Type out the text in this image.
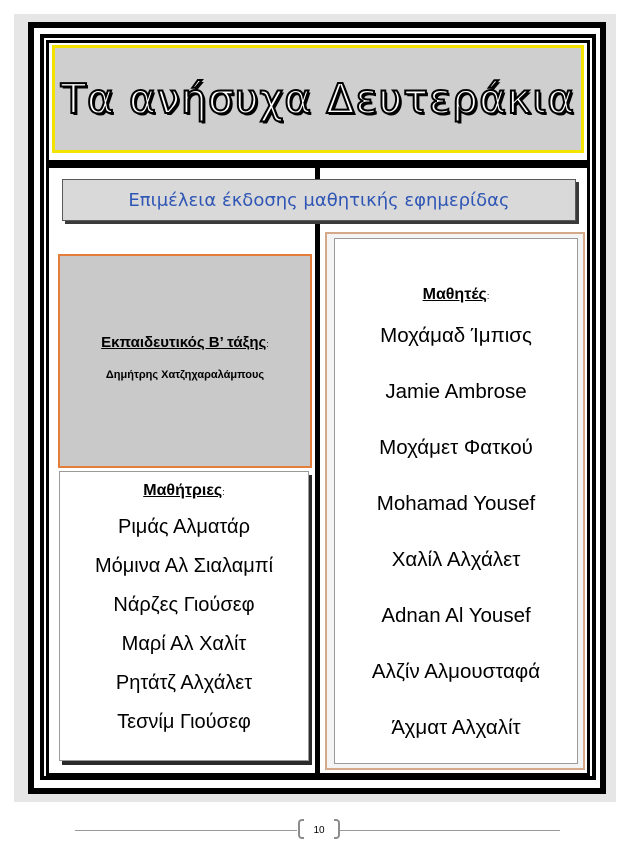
Τα ανήσυχα Δευτεράκια
Επιμέλεια έκδοσης μαθητικής εφημερίδας
Εκπαιδευτικός Β’ τάξης:
Δημήτρης Χατζηχαραλάμπους
Μαθήτριες:
Ριμάς Αλματάρ
Μόμινα Αλ Σιαλαμπί
Νάρζες Γιούσεφ
Μαρί Αλ Χαλίτ
Ρητάτζ Αλχάλετ
Τεσνίμ Γιούσεφ
Μαθητές:
Μοχάμαδ Ίμπισς
Jamie Ambrose
Μοχάμετ Φατκού
Mohamad Yousef
Χαλίλ Αλχάλετ
Adnan Al Yousef
Αλζίν Αλμουσταφά
Άχματ Αλχαλίτ
10
